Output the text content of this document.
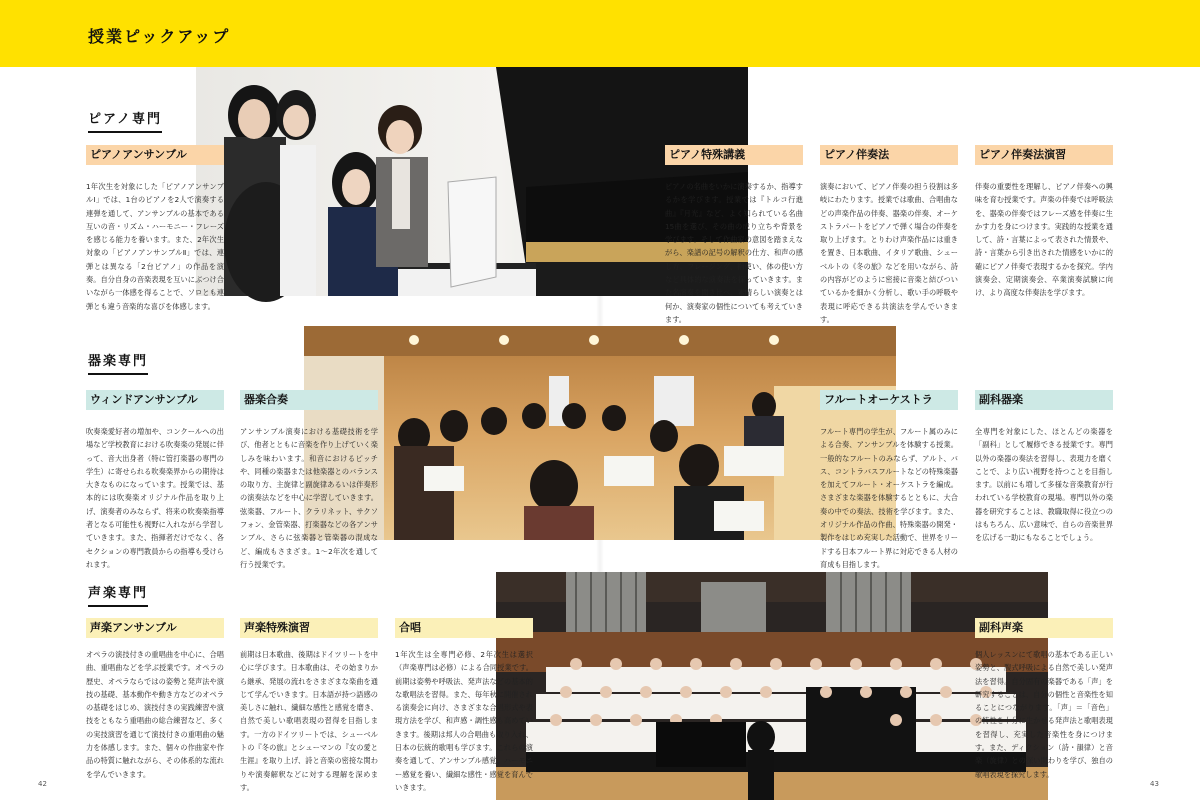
授業ピックアップ
ピアノ専門
器楽専門
声楽専門
ピアノアンサンブル
1年次生を対象にした「ピアノアンサンブルⅠ」では、1台のピアノを2人で演奏する連弾を通して、アンサンブルの基本である互いの音・リズム・ハーモニー・フレーズを感じる能力を養います。また、2年次生対象の「ピアノアンサンブルⅡ」では、連弾とは異なる「2台ピアノ」の作品を演奏。自分自身の音楽表現を互いにぶつけ合いながら一体感を得ることで、ソロとも連弾とも違う音楽的な喜びを体感します。
ピアノ特殊講義
ピアノの名曲をいかに演奏するか、指導するかを学びます。授業では『トルコ行進曲』『月光』など、よく知られている名曲15曲を選び、その曲の成り立ちや背景を学びます。そして作曲家の意図を踏まえながら、楽譜の記号の解釈の仕方、和声の感じ方、フレージング、指使い、体の使い方など具体的な演奏法を探っていきます。また名演奏を聞き比べ、素晴らしい演奏とは何か、演奏家の個性についても考えていきます。
ピアノ伴奏法
演奏において、ピアノ伴奏の担う役割は多岐にわたります。授業では歌曲、合唱曲などの声楽作品の伴奏、器楽の伴奏、オーケストラパートをピアノで弾く場合の伴奏を取り上げます。とりわけ声楽作品には重きを置き、日本歌曲、イタリア歌曲、シューベルトの《冬の旅》などを用いながら、詩の内容がどのように密接に音楽と結びついているかを細かく分析し、歌い手の呼吸や表現に呼応できる共演法を学んでいきます。
ピアノ伴奏法演習
伴奏の重要性を理解し、ピアノ伴奏への興味を育む授業です。声楽の伴奏では呼吸法を、器楽の伴奏ではフレーズ感を伴奏に生かす力を身につけます。実践的な授業を通して、詩・言葉によって表された情景や、詩・言葉から引き出された情感をいかに的確にピアノ伴奏で表現するかを探究。学内演奏会、定期演奏会、卒業演奏試験に向け、より高度な伴奏法を学びます。
ウィンドアンサンブル
吹奏楽愛好者の増加や、コンクールへの出場など学校教育における吹奏楽の発展に伴って、音大出身者（特に管打楽器の専門の学生）に寄せられる吹奏楽界からの期待は大きなものになっています。授業では、基本的には吹奏楽オリジナル作品を取り上げ、演奏者のみならず、将来の吹奏楽指導者となる可能性も視野に入れながら学習していきます。また、指揮者だけでなく、各セクションの専門教員からの指導も受けられます。
器楽合奏
アンサンブル演奏における基礎技術を学び、他者とともに音楽を作り上げていく楽しみを味わいます。和音におけるピッチや、同種の楽器または他楽器とのバランスの取り方、主旋律と副旋律あるいは伴奏形の演奏法などを中心に学習していきます。弦楽器、フルート、クラリネット、サクソフォン、金管楽器、打楽器などの各アンサンブル、さらに弦楽器と管楽器の混成など、編成もさまざま。1〜2年次を通して行う授業です。
フルートオーケストラ
フルート専門の学生が、フルート属のみによる合奏、アンサンブルを体験する授業。一般的なフルートのみならず、アルト、バス、コントラバスフルートなどの特殊楽器を加えてフルート・オーケストラを編成。さまざまな楽器を体験するとともに、大合奏の中での奏法、技術を学びます。また、オリジナル作品の作曲、特殊楽器の開発・製作をはじめ充実した活動で、世界をリードする日本フルート界に対応できる人材の育成も目指します。
副科器楽
全専門を対象にした、ほとんどの楽器を「副科」として履修できる授業です。専門以外の楽器の奏法を習得し、表現力を磨くことで、より広い視野を持つことを目指します。以前にも増して多様な音楽教育が行われている学校教育の現場。専門以外の楽器を研究することは、教職取得に役立つのはもちろん、広い意味で、自らの音楽世界を広げる一助にもなることでしょう。
声楽アンサンブル
オペラの演技付きの重唱曲を中心に、合唱曲、重唱曲などを学ぶ授業です。オペラの歴史、オペラならではの姿勢と発声法や演技の基礎、基本動作や動き方などのオペラの基礎をはじめ、演技付きの実践練習や演技をともなう重唱曲の総合練習など、多くの実技演習を通じて演技付きの重唱曲の魅力を体感します。また、個々の作曲家や作品の特質に触れながら、その体系的な流れを学んでいきます。
声楽特殊演習
前期は日本歌曲、後期はドイツリートを中心に学びます。日本歌曲は、その始まりから継承、発展の流れをさまざまな楽曲を通じて学んでいきます。日本語が持つ語感の美しさに触れ、繊細な感性と感覚を磨き、自然で美しい歌唱表現の習得を目指します。一方のドイツリートでは、シューベルトの『冬の旅』とシューマンの『女の愛と生涯』を取り上げ、詩と音楽の密接な関わりや演奏解釈などに対する理解を深めます。
合唱
1年次生は全専門必修、2年次生は選択（声楽専門は必修）による合同授業です。前期は姿勢や呼吸法、発声法などの基本的な歌唱法を習得。また、毎年秋に開催される演奏会に向け、さまざまな合唱形式や表現方法を学び、和声感・調性感も高めていきます。後期は邦人の合唱曲も取り入れ、日本の伝統的歌唱も学びます。これらの演奏を通して、アンサンブル感覚、ハーモニー感覚を養い、繊細な感性・感覚を育んでいきます。
副科声楽
個人レッスンにて歌唱の基本である正しい姿勢と、腹式呼吸による自然で美しい発声法を習得。自分固有の楽器である「声」を研究することは、自分の個性と音楽性を知ることにつながります。「声」＝「音色」の特性を十分に生かせる発声法と歌唱表現を習得し、充実した音楽性を身につけます。また、ディクション（詩・韻律）と音楽（旋律）との深い関わりを学び、独自の歌唱表現を探究します。
42	43
